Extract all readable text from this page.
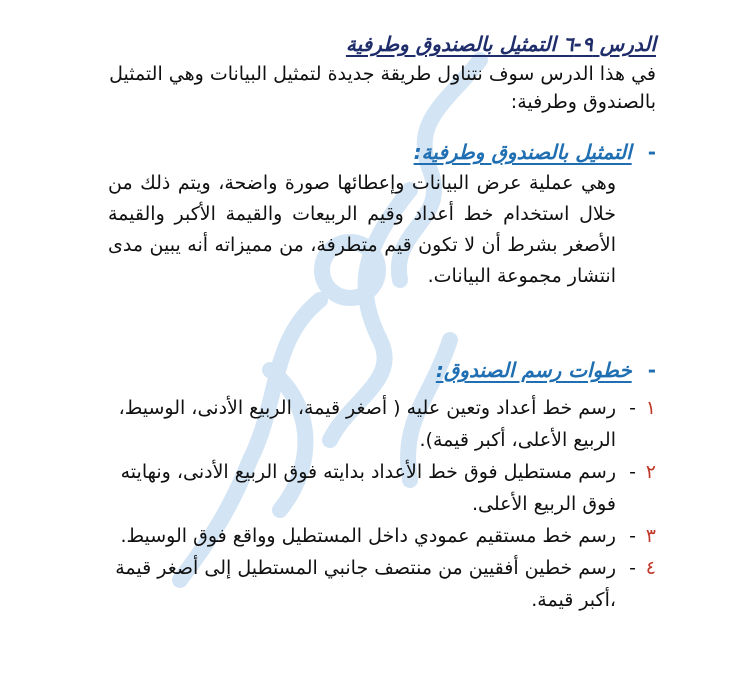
الدرس ٩-٦ التمثيل بالصندوق وطرفية

في هذا الدرس سوف نتناول طريقة جديدة لتمثيل البيانات وهي التمثيل بالصندوق وطرفية:

-
التمثيل بالصندوق وطرفية:

وهي عملية عرض البيانات وإعطائها صورة واضحة، ويتم ذلك من خلال استخدام خط أعداد وقيم الربيعات والقيمة الأكبر والقيمة الأصغر بشرط أن لا تكون قيم متطرفة، من مميزاته أنه يبين مدى انتشار مجموعة البيانات.

-
خطوات رسم الصندوق:
١
-
رسم خط أعداد وتعين عليه ( أصغر قيمة، الربيع الأدنى، الوسيط، الربيع الأعلى، أكبر قيمة).
٢
-
رسم مستطيل فوق خط الأعداد بدايته فوق الربيع الأدنى، ونهايته فوق الربيع الأعلى.
٣
-
رسم خط مستقيم عمودي داخل المستطيل وواقع فوق الوسيط.
٤
-
رسم خطين أفقيين من منتصف جانبي المستطيل إلى أصغر قيمة ،أكبر قيمة.
